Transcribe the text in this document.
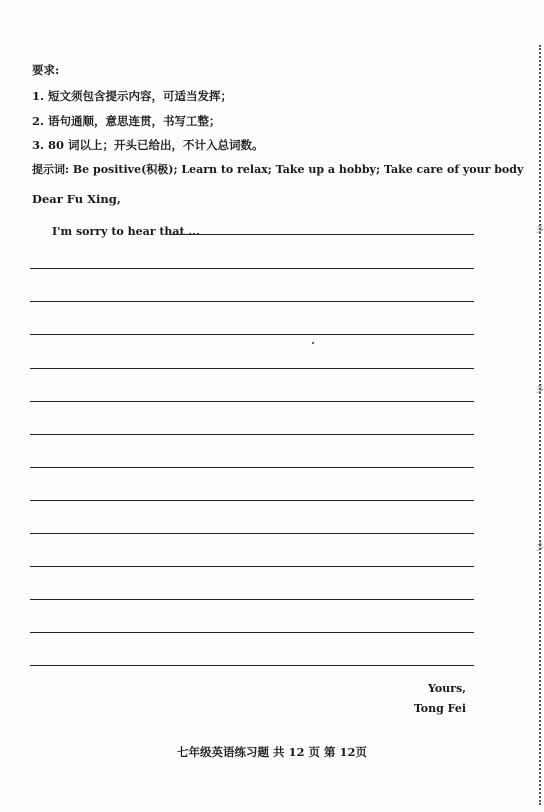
要求:
1. 短文须包含提示内容，可适当发挥；
2. 语句通顺，意思连贯，书写工整；
3. 80 词以上；开头已给出，不计入总词数。
提示词: Be positive(积极); Learn to relax; Take up a hobby; Take care of your body
Dear Fu Xing,
I'm sorry to hear that ...
Yours,
Tong Fei
七年级英语练习题 共 12 页 第 12页
彡
彡
彡
